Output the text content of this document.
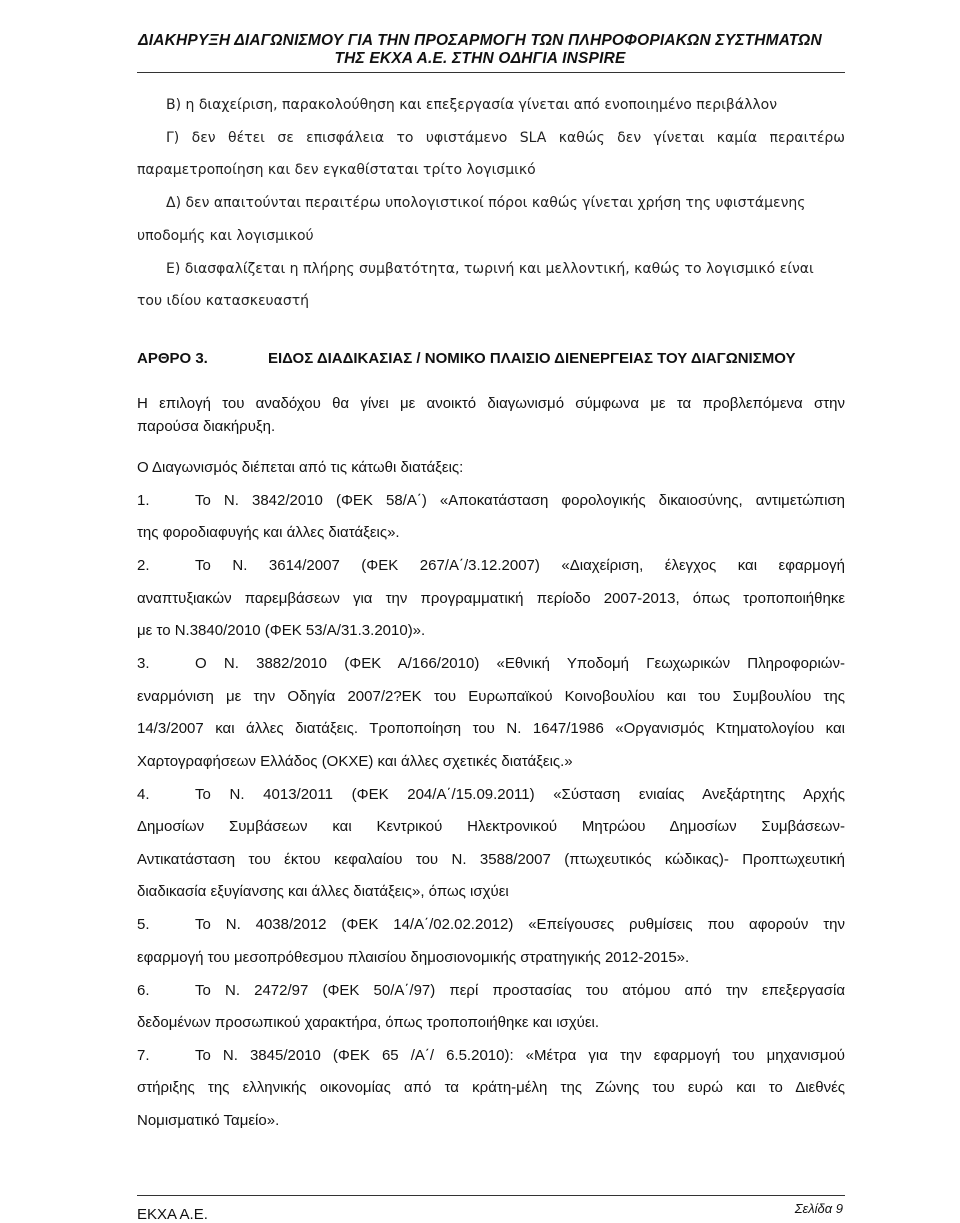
ΔΙΑΚΗΡΥΞΗ ΔΙΑΓΩΝΙΣΜΟΥ ΓΙΑ ΤΗΝ ΠΡΟΣΑΡΜΟΓΗ ΤΩΝ ΠΛΗΡΟΦΟΡΙΑΚΩΝ ΣΥΣΤΗΜΑΤΩΝ
ΤΗΣ ΕΚΧΑ Α.Ε. ΣΤΗΝ ΟΔΗΓΙΑ INSPIRE
Β) η διαχείριση, παρακολούθηση και επεξεργασία γίνεται από ενοποιημένο περιβάλλον
Γ) δεν θέτει σε επισφάλεια το υφιστάμενο SLA καθώς δεν γίνεται καμία περαιτέρω
παραμετροποίηση και δεν εγκαθίσταται τρίτο λογισμικό
Δ) δεν απαιτούνται περαιτέρω υπολογιστικοί πόροι καθώς γίνεται χρήση της υφιστάμενης
υποδομής και λογισμικού
Ε) διασφαλίζεται η πλήρης συμβατότητα, τωρινή και μελλοντική, καθώς το λογισμικό είναι
του ιδίου κατασκευαστή
ΑΡΘΡΟ 3.	ΕΙΔΟΣ ΔΙΑΔΙΚΑΣΙΑΣ / ΝΟΜΙΚΟ ΠΛΑΙΣΙΟ ΔΙΕΝΕΡΓΕΙΑΣ ΤΟΥ ΔΙΑΓΩΝΙΣΜΟΥ
Η επιλογή του αναδόχου θα γίνει με ανοικτό διαγωνισμό σύμφωνα με τα προβλεπόμενα στην
παρούσα διακήρυξη.
Ο Διαγωνισμός διέπεται από τις κάτωθι διατάξεις:
1.	Το Ν. 3842/2010 (ΦΕΚ 58/Α΄) «Αποκατάσταση φορολογικής δικαιοσύνης, αντιμετώπιση
της φοροδιαφυγής και άλλες διατάξεις».
2.	Το Ν. 3614/2007 (ΦΕΚ 267/Α΄/3.12.2007) «Διαχείριση, έλεγχος και εφαρμογή
αναπτυξιακών παρεμβάσεων για την προγραμματική περίοδο 2007-2013, όπως τροποποιήθηκε
με το Ν.3840/2010 (ΦΕΚ 53/Α/31.3.2010)».
3.	Ο Ν. 3882/2010 (ΦΕΚ Α/166/2010) «Εθνική Υποδομή Γεωχωρικών Πληροφοριών-
εναρμόνιση με την Οδηγία 2007/2?ΕΚ του Ευρωπαϊκού Κοινοβουλίου και του Συμβουλίου της
14/3/2007 και άλλες διατάξεις. Τροποποίηση του Ν. 1647/1986 «Οργανισμός Κτηματολογίου και
Χαρτογραφήσεων Ελλάδος (ΟΚΧΕ) και άλλες σχετικές διατάξεις.»
4.	Το Ν. 4013/2011 (ΦΕΚ 204/Α΄/15.09.2011) «Σύσταση ενιαίας Ανεξάρτητης Αρχής
Δημοσίων Συμβάσεων και Κεντρικού Ηλεκτρονικού Μητρώου Δημοσίων Συμβάσεων-
Αντικατάσταση του έκτου κεφαλαίου του Ν. 3588/2007 (πτωχευτικός κώδικας)- Προπτωχευτική
διαδικασία εξυγίανσης και άλλες διατάξεις», όπως ισχύει
5.	Το Ν. 4038/2012 (ΦΕΚ 14/Α΄/02.02.2012) «Επείγουσες ρυθμίσεις που αφορούν την
εφαρμογή του μεσοπρόθεσμου πλαισίου δημοσιονομικής στρατηγικής 2012-2015».
6.	Το Ν. 2472/97 (ΦΕΚ 50/Α΄/97) περί προστασίας του ατόμου από την επεξεργασία
δεδομένων προσωπικού χαρακτήρα, όπως τροποποιήθηκε και ισχύει.
7.	Το Ν. 3845/2010 (ΦΕΚ 65 /Α΄/ 6.5.2010): «Μέτρα για την εφαρμογή του μηχανισμού
στήριξης της ελληνικής οικονομίας από τα κράτη-μέλη της Ζώνης του ευρώ και το Διεθνές
Νομισματικό Ταμείο».
ΕΚΧΑ Α.Ε.	Σελίδα 9
